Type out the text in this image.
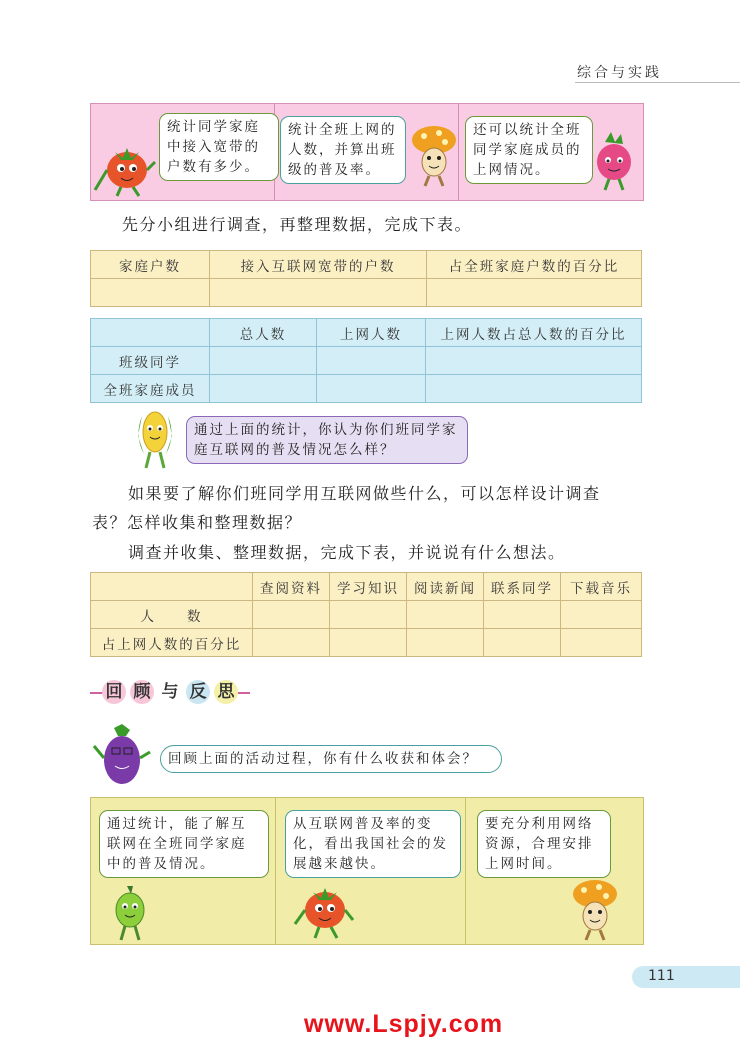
综合与实践
统计同学家庭中接入宽带的户数有多少。
统计全班上网的人数，并算出班级的普及率。
还可以统计全班同学家庭成员的上网情况。
先分小组进行调查，再整理数据，完成下表。
家庭户数	接入互联网宽带的户数	占全班家庭户数的百分比

	总人数	上网人数	上网人数占总人数的百分比
班级同学			
全班家庭成员			
通过上面的统计，你认为你们班同学家庭互联网的普及情况怎么样？
如果要了解你们班同学用互联网做些什么，可以怎样设计调查
表？怎样收集和整理数据？
调查并收集、整理数据，完成下表，并说说有什么想法。
	查阅资料	学习知识	阅读新闻	联系同学	下载音乐
人　　数					
占上网人数的百分比					
回 顾 与 反 思
回顾上面的活动过程，你有什么收获和体会？
通过统计，能了解互联网在全班同学家庭中的普及情况。
从互联网普及率的变化，看出我国社会的发展越来越快。
要充分利用网络资源，合理安排上网时间。
111
www.Lspjy.com
